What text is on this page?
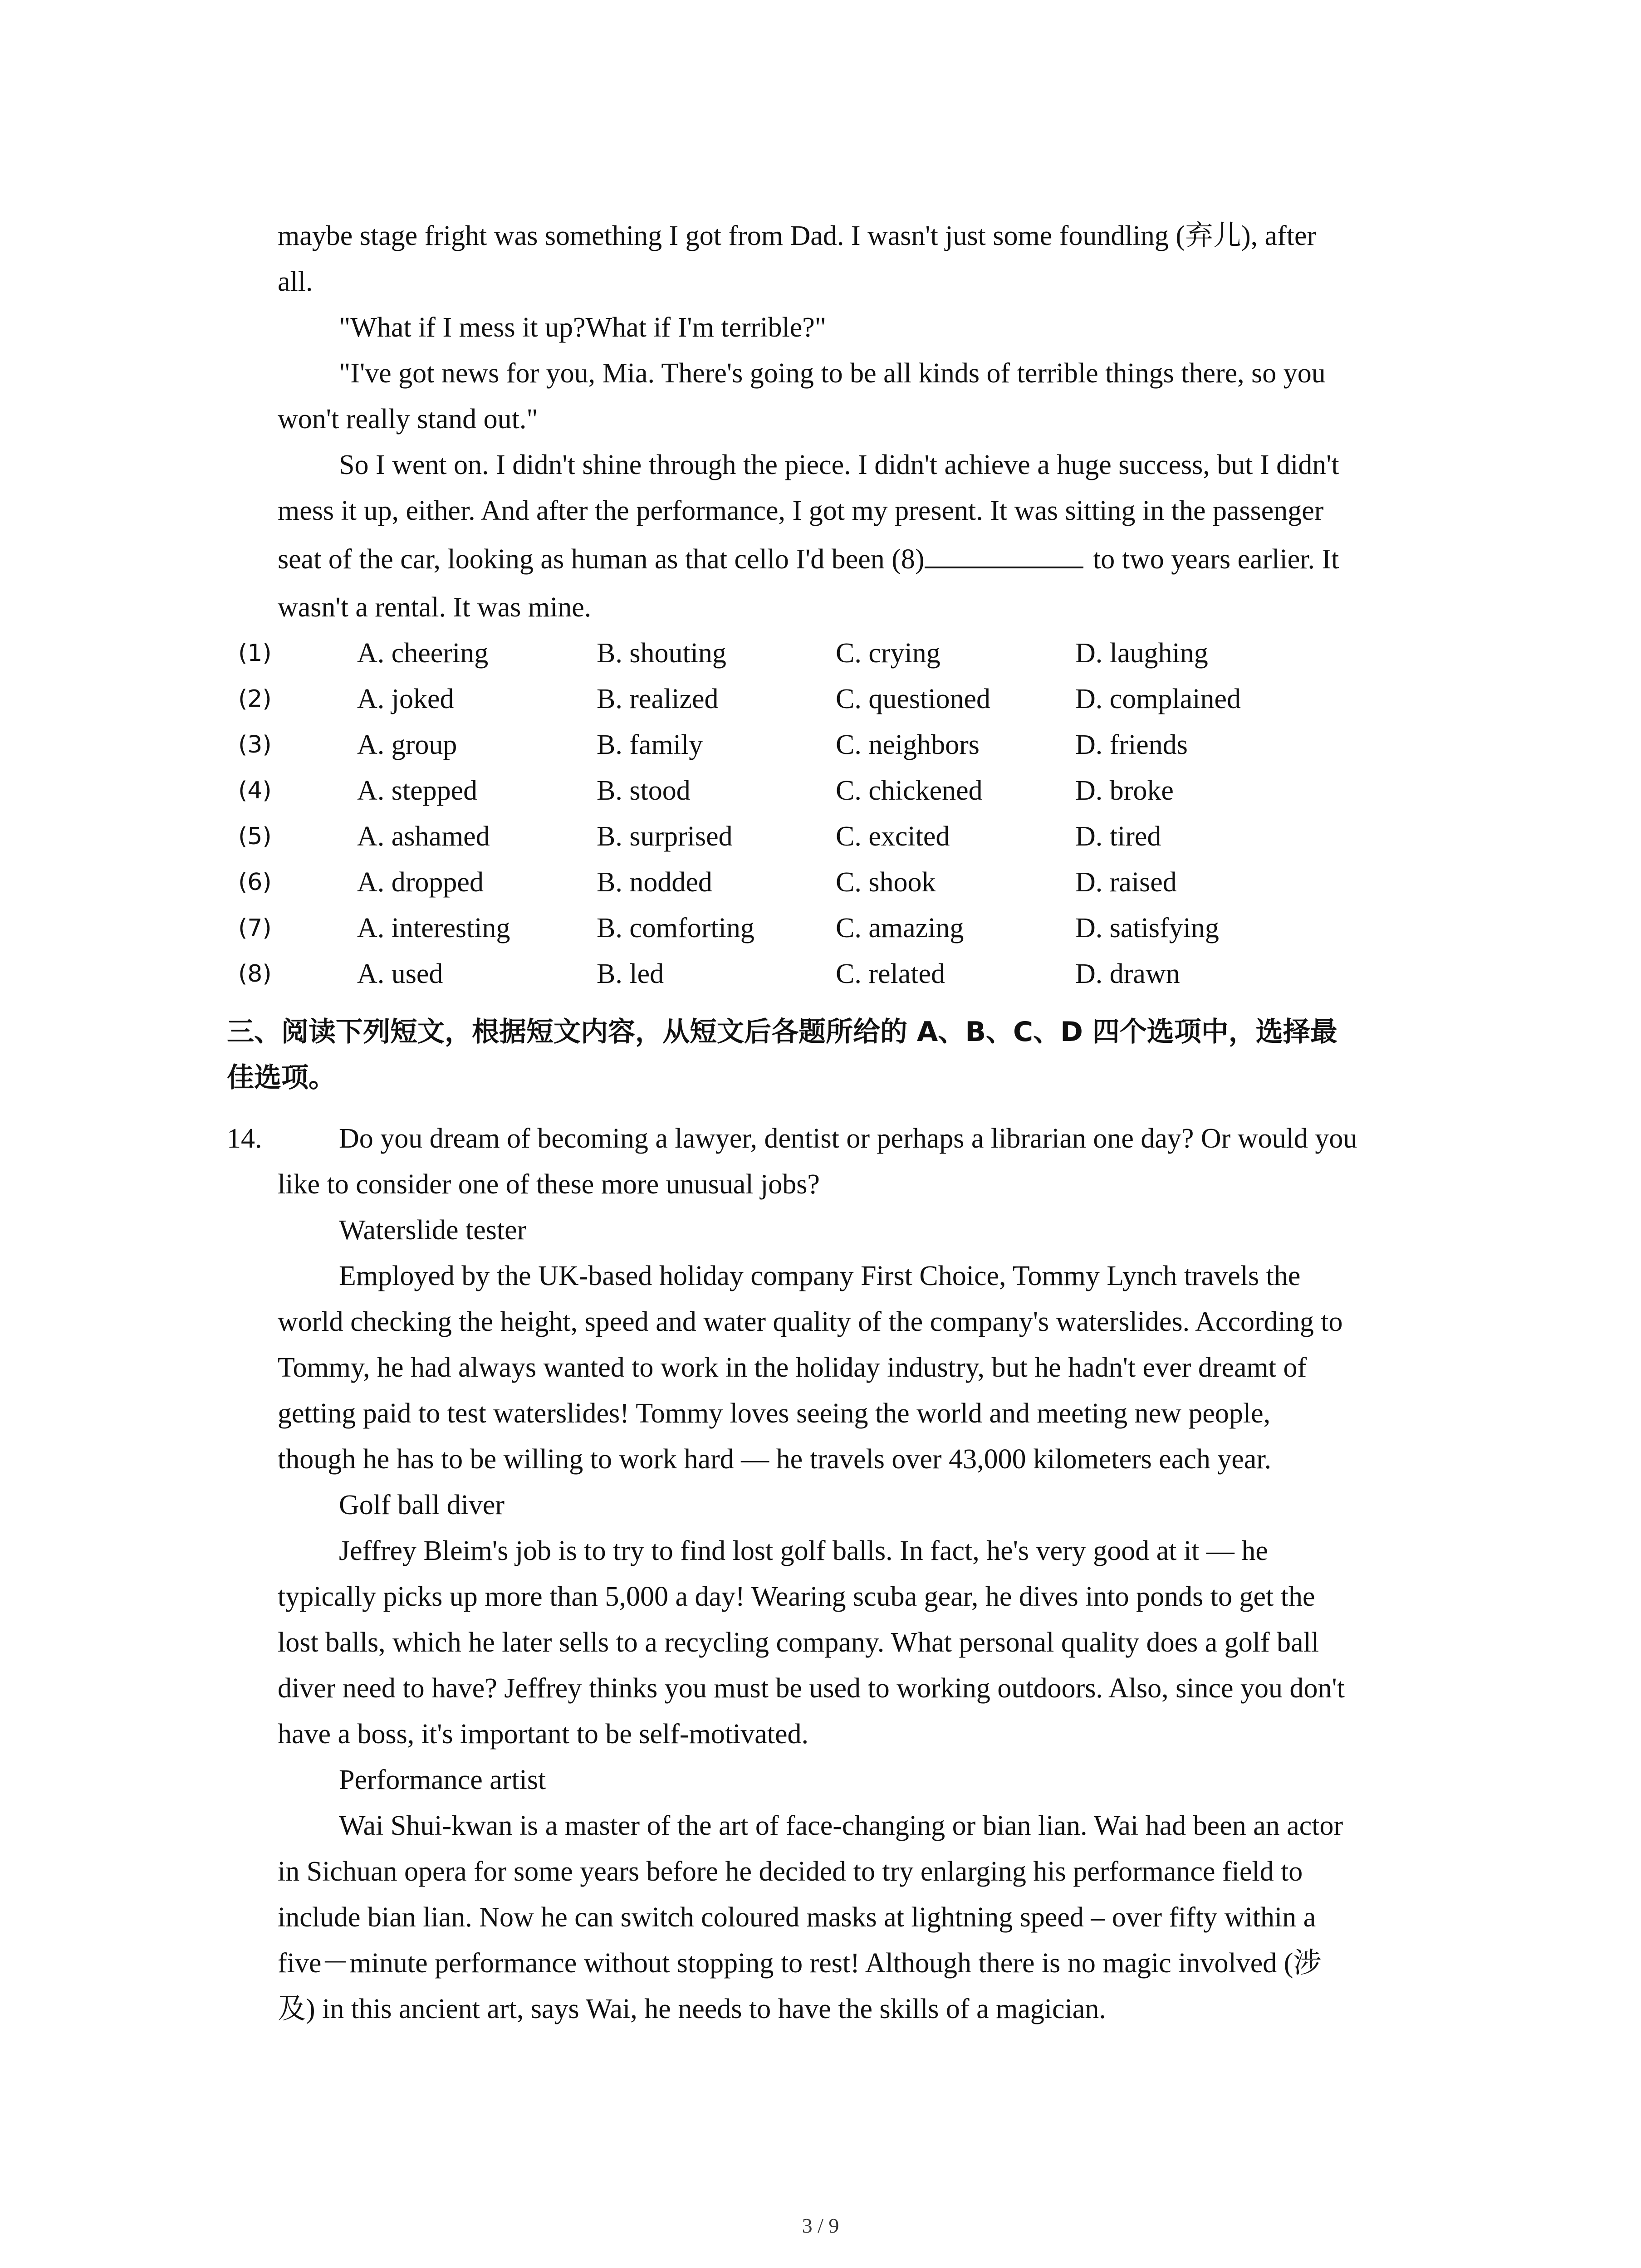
maybe stage fright was something I got from Dad. I wasn't just some foundling (弃儿), after
all.
"What if I mess it up?What if I'm terrible?"
"I've got news for you, Mia. There's going to be all kinds of terrible things there, so you
won't really stand out."
So I went on. I didn't shine through the piece. I didn't achieve a huge success, but I didn't
mess it up, either. And after the performance, I got my present. It was sitting in the passenger
seat of the car, looking as human as that cello I'd been (8)	to two years earlier. It
wasn't a rental. It was mine.
(1)	A. cheering	B. shouting	C. crying	D. laughing
(2)	A. joked	B. realized	C. questioned	D. complained
(3)	A. group	B. family	C. neighbors	D. friends
(4)	A. stepped	B. stood	C. chickened	D. broke
(5)	A. ashamed	B. surprised	C. excited	D. tired
(6)	A. dropped	B. nodded	C. shook	D. raised
(7)	A. interesting	B. comforting	C. amazing	D. satisfying
(8)	A. used	B. led	C. related	D. drawn
三、阅读下列短文，根据短文内容，从短文后各题所给的 A、B、C、D 四个选项中，选择最
佳选项。
14.	Do you dream of becoming a lawyer, dentist or perhaps a librarian one day? Or would you
like to consider one of these more unusual jobs?
Waterslide tester
Employed by the UK-based holiday company First Choice, Tommy Lynch travels the
world checking the height, speed and water quality of the company's waterslides. According to
Tommy, he had always wanted to work in the holiday industry, but he hadn't ever dreamt of
getting paid to test waterslides! Tommy loves seeing the world and meeting new people,
though he has to be willing to work hard — he travels over 43,000 kilometers each year.
Golf ball diver
Jeffrey Bleim's job is to try to find lost golf balls. In fact, he's very good at it — he
typically picks up more than 5,000 a day! Wearing scuba gear, he dives into ponds to get the
lost balls, which he later sells to a recycling company. What personal quality does a golf ball
diver need to have? Jeffrey thinks you must be used to working outdoors. Also, since you don't
have a boss, it's important to be self-motivated.
Performance artist
Wai Shui-kwan is a master of the art of face-changing or bian lian. Wai had been an actor
in Sichuan opera for some years before he decided to try enlarging his performance field to
include bian lian. Now he can switch coloured masks at lightning speed – over fifty within a
five－minute performance without stopping to rest! Although there is no magic involved (涉
及) in this ancient art, says Wai, he needs to have the skills of a magician.
3 / 9
